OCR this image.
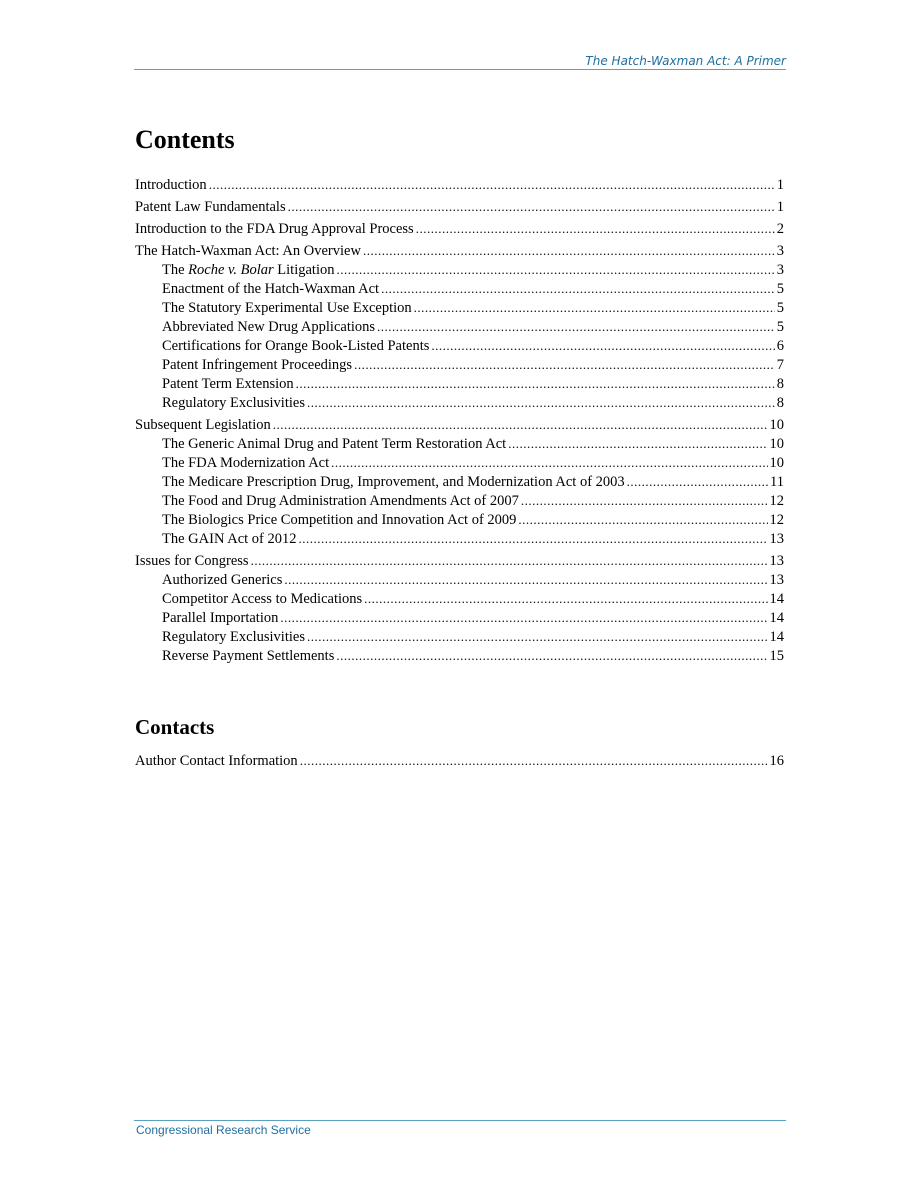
The Hatch-Waxman Act: A Primer
Contents
Introduction .....	1
Patent Law Fundamentals .....	1
Introduction to the FDA Drug Approval Process .....	2
The Hatch-Waxman Act: An Overview .....	3
The Roche v. Bolar Litigation .....	3
Enactment of the Hatch-Waxman Act .....	5
The Statutory Experimental Use Exception .....	5
Abbreviated New Drug Applications .....	5
Certifications for Orange Book-Listed Patents .....	6
Patent Infringement Proceedings .....	7
Patent Term Extension .....	8
Regulatory Exclusivities .....	8
Subsequent Legislation .....	10
The Generic Animal Drug and Patent Term Restoration Act .....	10
The FDA Modernization Act .....	10
The Medicare Prescription Drug, Improvement, and Modernization Act of 2003 .....	11
The Food and Drug Administration Amendments Act of 2007 .....	12
The Biologics Price Competition and Innovation Act of 2009 .....	12
The GAIN Act of 2012 .....	13
Issues for Congress .....	13
Authorized Generics .....	13
Competitor Access to Medications .....	14
Parallel Importation .....	14
Regulatory Exclusivities .....	14
Reverse Payment Settlements .....	15
Contacts
Author Contact Information .....	16
Congressional Research Service
